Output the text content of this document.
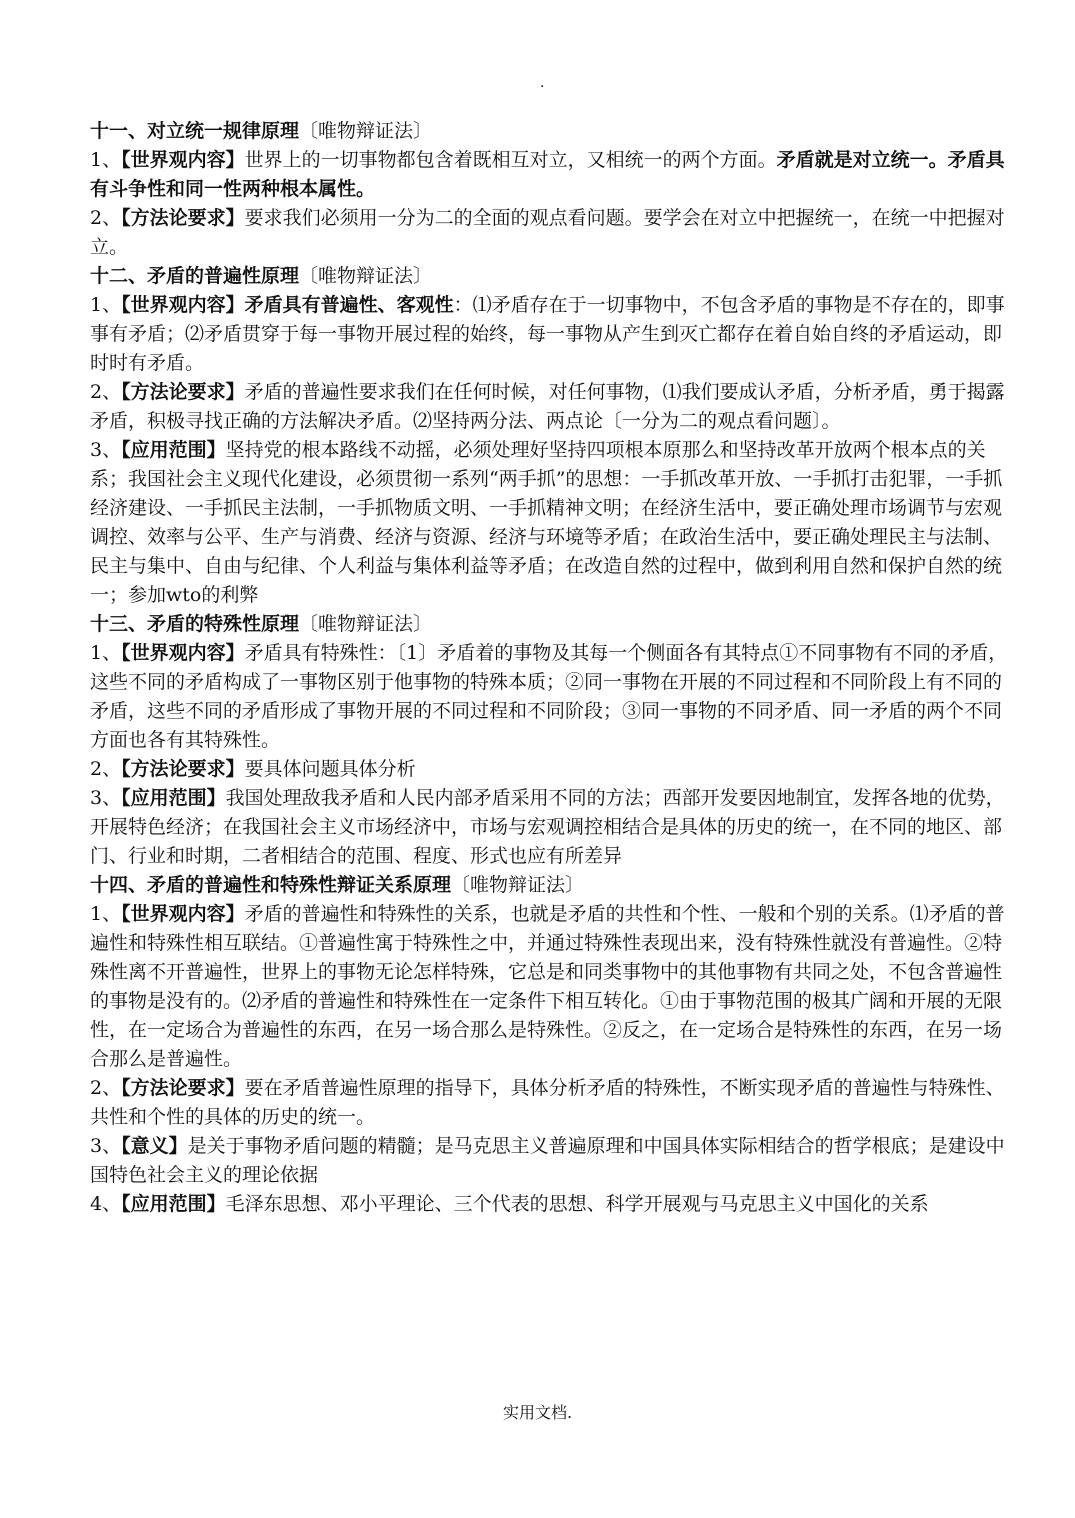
.

十一、对立统一规律原理〔唯物辩证法〕

1、【世界观内容】世界上的一切事物都包含着既相互对立，又相统一的两个方面。矛盾就是对立统一。矛盾具有斗争性和同一性两种根本属性。

2、【方法论要求】要求我们必须用一分为二的全面的观点看问题。要学会在对立中把握统一，在统一中把握对立。

十二、矛盾的普遍性原理〔唯物辩证法〕

1、【世界观内容】矛盾具有普遍性、客观性：⑴矛盾存在于一切事物中，不包含矛盾的事物是不存在的，即事事有矛盾；⑵矛盾贯穿于每一事物开展过程的始终，每一事物从产生到灭亡都存在着自始自终的矛盾运动，即时时有矛盾。

2、【方法论要求】矛盾的普遍性要求我们在任何时候，对任何事物，⑴我们要成认矛盾，分析矛盾，勇于揭露矛盾，积极寻找正确的方法解决矛盾。⑵坚持两分法、两点论〔一分为二的观点看问题〕。

3、【应用范围】坚持党的根本路线不动摇，必须处理好坚持四项根本原那么和坚持改革开放两个根本点的关系；我国社会主义现代化建设，必须贯彻一系列“两手抓”的思想：一手抓改革开放、一手抓打击犯罪，一手抓经济建设、一手抓民主法制，一手抓物质文明、一手抓精神文明；在经济生活中，要正确处理市场调节与宏观调控、效率与公平、生产与消费、经济与资源、经济与环境等矛盾；在政治生活中，要正确处理民主与法制、民主与集中、自由与纪律、个人利益与集体利益等矛盾；在改造自然的过程中，做到利用自然和保护自然的统一；参加wto的利弊

十三、矛盾的特殊性原理〔唯物辩证法〕

1、【世界观内容】矛盾具有特殊性：〔1〕矛盾着的事物及其每一个侧面各有其特点①不同事物有不同的矛盾，这些不同的矛盾构成了一事物区别于他事物的特殊本质；②同一事物在开展的不同过程和不同阶段上有不同的矛盾，这些不同的矛盾形成了事物开展的不同过程和不同阶段；③同一事物的不同矛盾、同一矛盾的两个不同方面也各有其特殊性。

2、【方法论要求】要具体问题具体分析

3、【应用范围】我国处理敌我矛盾和人民内部矛盾采用不同的方法；西部开发要因地制宜，发挥各地的优势，开展特色经济；在我国社会主义市场经济中，市场与宏观调控相结合是具体的历史的统一，在不同的地区、部门、行业和时期，二者相结合的范围、程度、形式也应有所差异

十四、矛盾的普遍性和特殊性辩证关系原理〔唯物辩证法〕

1、【世界观内容】矛盾的普遍性和特殊性的关系，也就是矛盾的共性和个性、一般和个别的关系。⑴矛盾的普遍性和特殊性相互联结。①普遍性寓于特殊性之中，并通过特殊性表现出来，没有特殊性就没有普遍性。②特殊性离不开普遍性，世界上的事物无论怎样特殊，它总是和同类事物中的其他事物有共同之处，不包含普遍性的事物是没有的。⑵矛盾的普遍性和特殊性在一定条件下相互转化。①由于事物范围的极其广阔和开展的无限性，在一定场合为普遍性的东西，在另一场合那么是特殊性。②反之，在一定场合是特殊性的东西，在另一场合那么是普遍性。

2、【方法论要求】要在矛盾普遍性原理的指导下，具体分析矛盾的特殊性，不断实现矛盾的普遍性与特殊性、共性和个性的具体的历史的统一。

3、【意义】是关于事物矛盾问题的精髓；是马克思主义普遍原理和中国具体实际相结合的哲学根底；是建设中国特色社会主义的理论依据

4、【应用范围】毛泽东思想、邓小平理论、三个代表的思想、科学开展观与马克思主义中国化的关系

实用文档.
